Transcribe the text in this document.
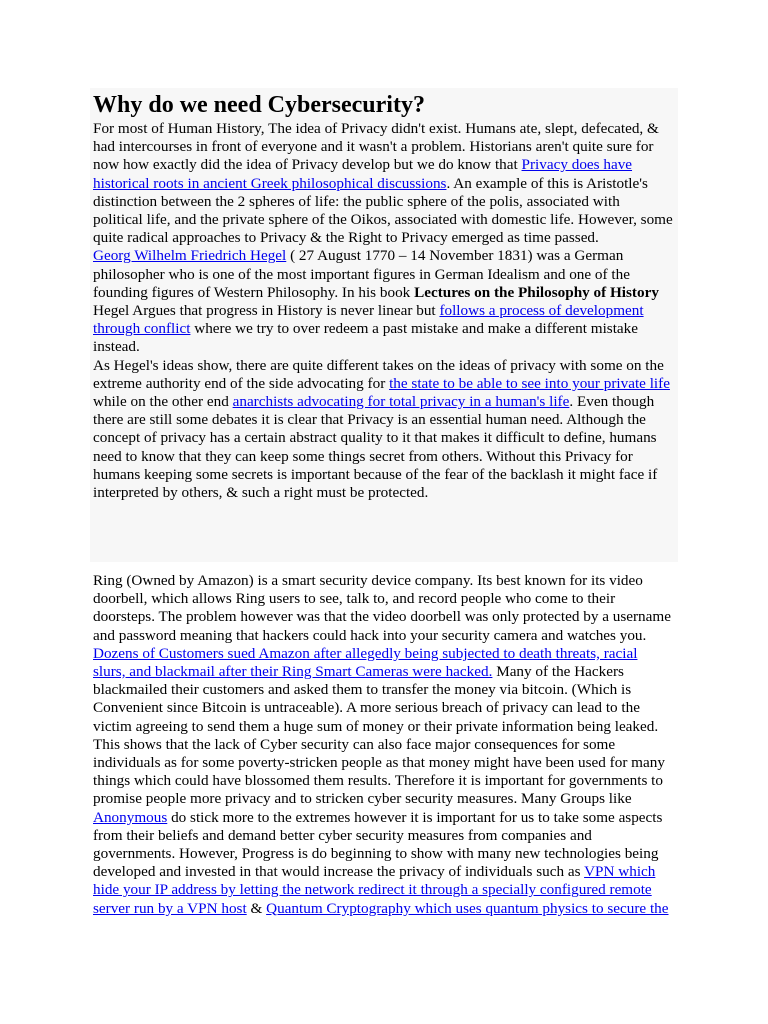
Why do we need Cybersecurity?

For most of Human History, The idea of Privacy didn't exist. Humans ate, slept, defecated, & had intercourses in front of everyone and it wasn't a problem. Historians aren't quite sure for now how exactly did the idea of Privacy develop but we do know that Privacy does have historical roots in ancient Greek philosophical discussions. An example of this is Aristotle's distinction between the 2 spheres of life: the public sphere of the polis, associated with political life, and the private sphere of the Oikos, associated with domestic life. However, some quite radical approaches to Privacy & the Right to Privacy emerged as time passed.

Georg Wilhelm Friedrich Hegel ( 27 August 1770 – 14 November 1831) was a German philosopher who is one of the most important figures in German Idealism and one of the founding figures of Western Philosophy. In his book Lectures on the Philosophy of History Hegel Argues that progress in History is never linear but follows a process of development through conflict where we try to over redeem a past mistake and make a different mistake instead.

As Hegel's ideas show, there are quite different takes on the ideas of privacy with some on the extreme authority end of the side advocating for the state to be able to see into your private life while on the other end anarchists advocating for total privacy in a human's life. Even though there are still some debates it is clear that Privacy is an essential human need. Although the concept of privacy has a certain abstract quality to it that makes it difficult to define, humans need to know that they can keep some things secret from others. Without this Privacy for humans keeping some secrets is important because of the fear of the backlash it might face if interpreted by others, & such a right must be protected.

Ring (Owned by Amazon) is a smart security device company. Its best known for its video doorbell, which allows Ring users to see, talk to, and record people who come to their doorsteps. The problem however was that the video doorbell was only protected by a username and password meaning that hackers could hack into your security camera and watches you. Dozens of Customers sued Amazon after allegedly being subjected to death threats, racial slurs, and blackmail after their Ring Smart Cameras were hacked. Many of the Hackers blackmailed their customers and asked them to transfer the money via bitcoin. (Which is Convenient since Bitcoin is untraceable). A more serious breach of privacy can lead to the victim agreeing to send them a huge sum of money or their private information being leaked. This shows that the lack of Cyber security can also face major consequences for some individuals as for some poverty-stricken people as that money might have been used for many things which could have blossomed them results. Therefore it is important for governments to promise people more privacy and to stricken cyber security measures. Many Groups like Anonymous do stick more to the extremes however it is important for us to take some aspects from their beliefs and demand better cyber security measures from companies and governments. However, Progress is do beginning to show with many new technologies being developed and invested in that would increase the privacy of individuals such as VPN which hide your IP address by letting the network redirect it through a specially configured remote server run by a VPN host & Quantum Cryptography which uses quantum physics to secure the
